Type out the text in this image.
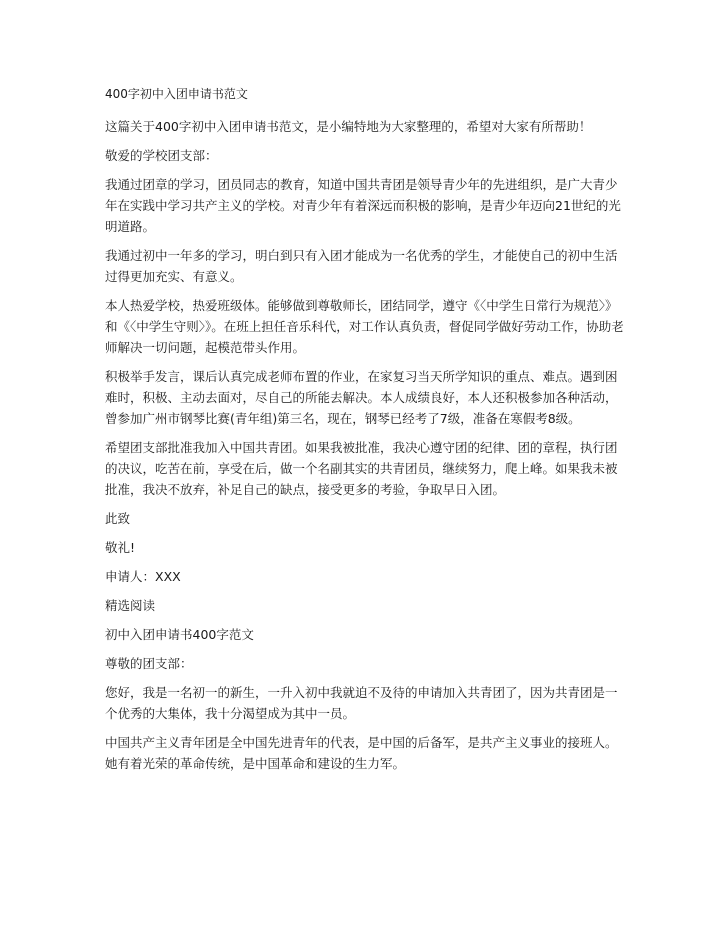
400字初中入团申请书范文

这篇关于400字初中入团申请书范文，是小编特地为大家整理的，希望对大家有所帮助！

敬爱的学校团支部：

我通过团章的学习，团员同志的教育，知道中国共青团是领导青少年的先进组织，是广大青少年在实践中学习共产主义的学校。对青少年有着深远而积极的影响，是青少年迈向21世纪的光明道路。

我通过初中一年多的学习，明白到只有入团才能成为一名优秀的学生，才能使自己的初中生活过得更加充实、有意义。

本人热爱学校，热爱班级体。能够做到尊敬师长，团结同学，遵守《〈中学生日常行为规范〉》和《〈中学生守则〉》。在班上担任音乐科代，对工作认真负责，督促同学做好劳动工作，协助老师解决一切问题，起模范带头作用。

积极举手发言，课后认真完成老师布置的作业，在家复习当天所学知识的重点、难点。遇到困难时，积极、主动去面对，尽自己的所能去解决。本人成绩良好，本人还积极参加各种活动，曾参加广州市钢琴比赛(青年组)第三名，现在，钢琴已经考了7级，准备在寒假考8级。

希望团支部批准我加入中国共青团。如果我被批准，我决心遵守团的纪律、团的章程，执行团的决议，吃苦在前，享受在后，做一个名副其实的共青团员，继续努力，爬上峰。如果我未被批准，我决不放弃，补足自己的缺点，接受更多的考验，争取早日入团。

此致

敬礼!

申请人：XXX

精选阅读

初中入团申请书400字范文

尊敬的团支部：

您好，我是一名初一的新生，一升入初中我就迫不及待的申请加入共青团了，因为共青团是一个优秀的大集体，我十分渴望成为其中一员。

中国共产主义青年团是全中国先进青年的代表，是中国的后备军，是共产主义事业的接班人。她有着光荣的革命传统，是中国革命和建设的生力军。
